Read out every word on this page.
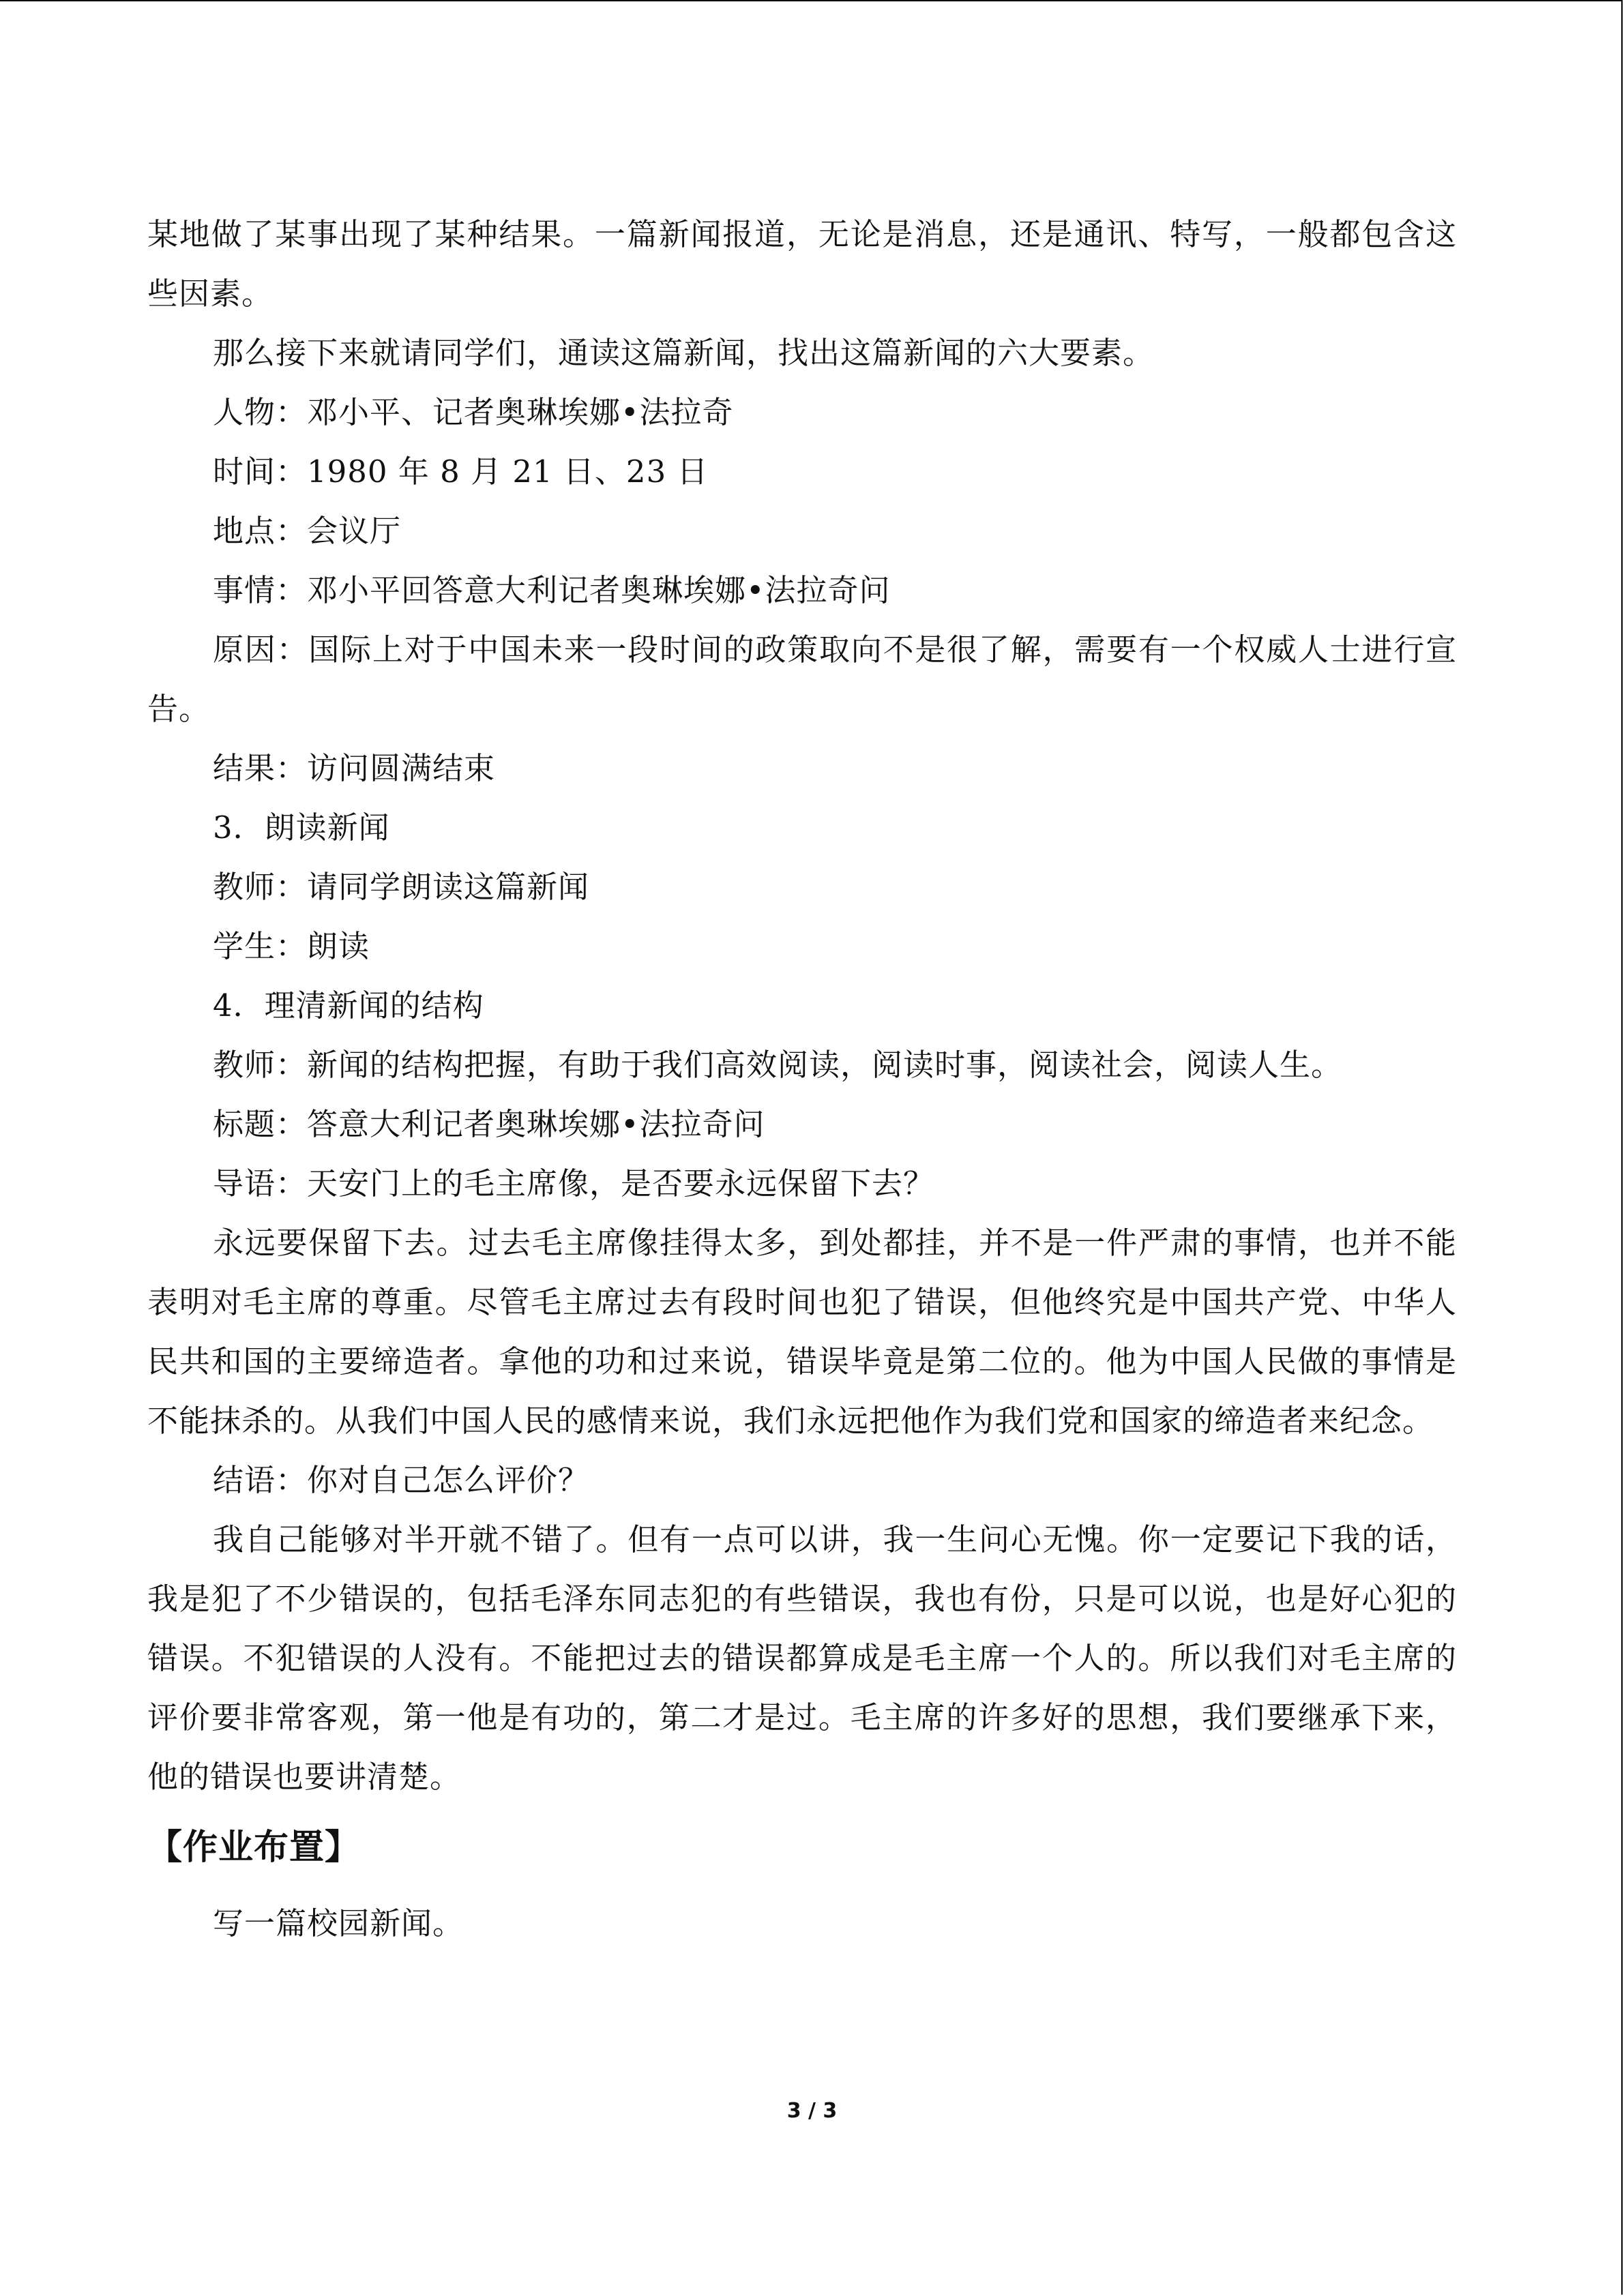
某地做了某事出现了某种结果。一篇新闻报道，无论是消息，还是通讯、特写，一般都包含这些因素。

那么接下来就请同学们，通读这篇新闻，找出这篇新闻的六大要素。

人物：邓小平、记者奥琳埃娜•法拉奇

时间：1980 年 8 月 21 日、23 日

地点：会议厅

事情：邓小平回答意大利记者奥琳埃娜•法拉奇问

原因：国际上对于中国未来一段时间的政策取向不是很了解，需要有一个权威人士进行宣告。

结果：访问圆满结束

3．朗读新闻

教师：请同学朗读这篇新闻

学生：朗读

4．理清新闻的结构

教师：新闻的结构把握，有助于我们高效阅读，阅读时事，阅读社会，阅读人生。

标题：答意大利记者奥琳埃娜•法拉奇问

导语：天安门上的毛主席像，是否要永远保留下去？

永远要保留下去。过去毛主席像挂得太多，到处都挂，并不是一件严肃的事情，也并不能表明对毛主席的尊重。尽管毛主席过去有段时间也犯了错误，但他终究是中国共产党、中华人民共和国的主要缔造者。拿他的功和过来说，错误毕竟是第二位的。他为中国人民做的事情是不能抹杀的。从我们中国人民的感情来说，我们永远把他作为我们党和国家的缔造者来纪念。

结语：你对自己怎么评价？

我自己能够对半开就不错了。但有一点可以讲，我一生问心无愧。你一定要记下我的话，我是犯了不少错误的，包括毛泽东同志犯的有些错误，我也有份，只是可以说，也是好心犯的错误。不犯错误的人没有。不能把过去的错误都算成是毛主席一个人的。所以我们对毛主席的评价要非常客观，第一他是有功的，第二才是过。毛主席的许多好的思想，我们要继承下来，他的错误也要讲清楚。

【作业布置】

写一篇校园新闻。

3 / 3
